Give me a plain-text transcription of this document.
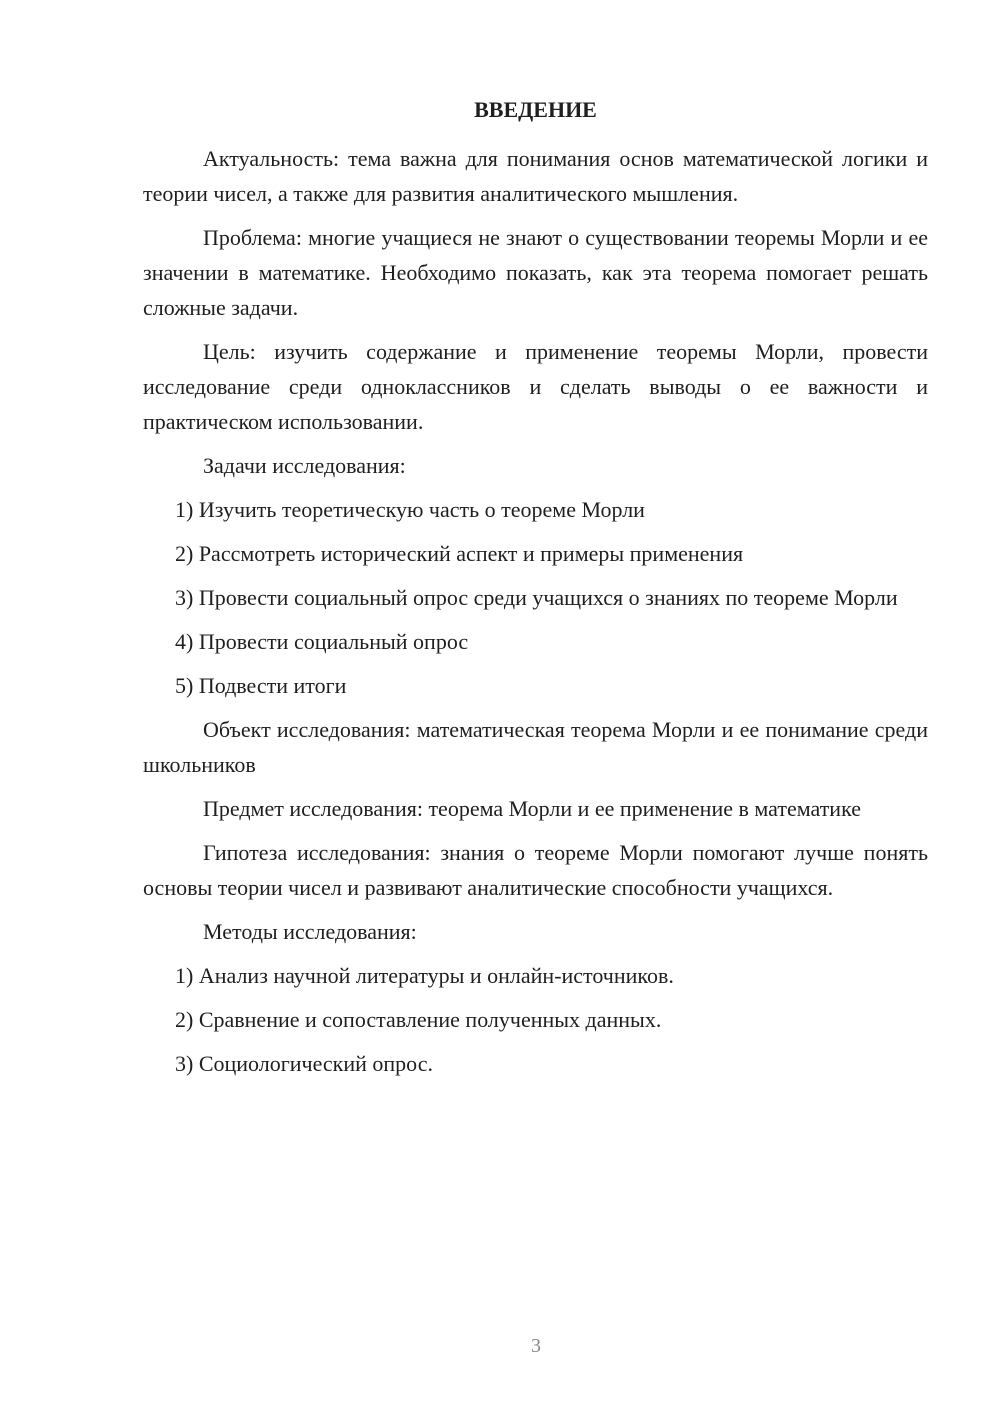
ВВЕДЕНИЕ

Актуальность: тема важна для понимания основ математической логики и теории чисел, а также для развития аналитического мышления.

Проблема: многие учащиеся не знают о существовании теоремы Морли и ее значении в математике. Необходимо показать, как эта теорема помогает решать сложные задачи.

Цель: изучить содержание и применение теоремы Морли, провести исследование среди одноклассников и сделать выводы о ее важности и практическом использовании.

Задачи исследования:

1) Изучить теоретическую часть о теореме Морли

2) Рассмотреть исторический аспект и примеры применения

3) Провести социальный опрос среди учащихся о знаниях по теореме Морли

4) Провести социальный опрос

5) Подвести итоги

Объект исследования: математическая теорема Морли и ее понимание среди школьников

Предмет исследования: теорема Морли и ее применение в математике

Гипотеза исследования: знания о теореме Морли помогают лучше понять основы теории чисел и развивают аналитические способности учащихся.

Методы исследования:

1) Анализ научной литературы и онлайн-источников.

2) Сравнение и сопоставление полученных данных.

3) Социологический опрос.

3
